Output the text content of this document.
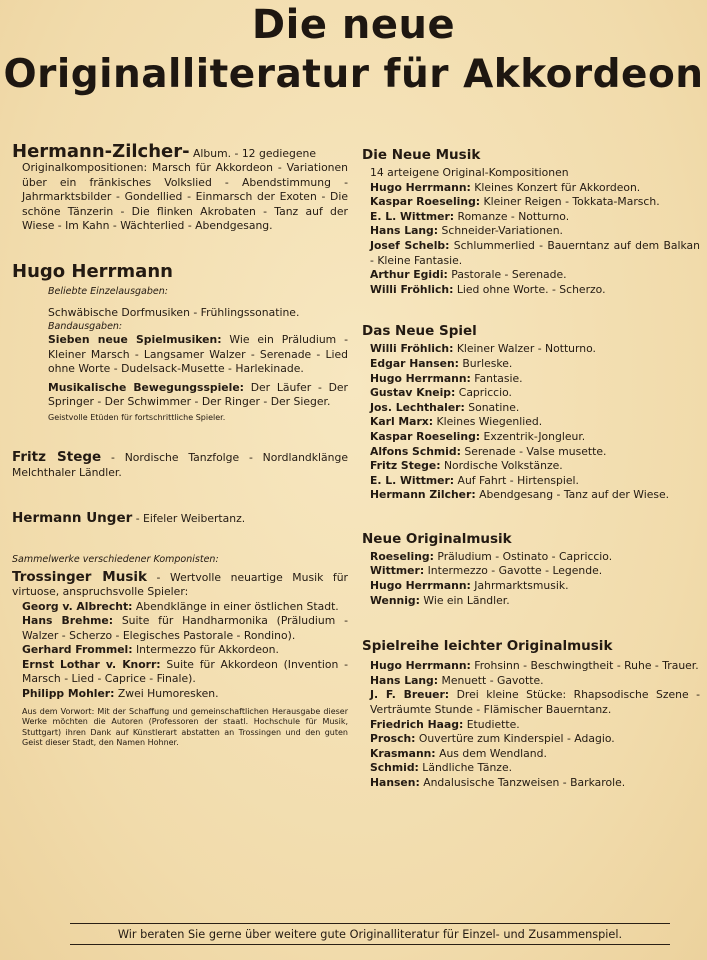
Die neue
Originalliteratur für Akkordeon
Hermann-Zilcher- Album. - 12 gediegene
Originalkompositionen: Marsch für Akkordeon - Variationen über ein fränkisches Volkslied - Abendstimmung - Jahrmarktsbilder - Gondellied - Einmarsch der Exoten - Die schöne Tänzerin - Die flinken Akrobaten - Tanz auf der Wiese - Im Kahn - Wächterlied - Abendgesang.
Hugo Herrmann
Beliebte Einzelausgaben:
Schwäbische Dorfmusiken - Frühlingssonatine.
Bandausgaben:
Sieben neue Spielmusiken: Wie ein Präludium - Kleiner Marsch - Langsamer Walzer - Serenade - Lied ohne Worte - Dudelsack-Musette - Harlekinade.
Musikalische Bewegungsspiele: Der Läufer - Der Springer - Der Schwimmer - Der Ringer - Der Sieger.
Geistvolle Etüden für fortschrittliche Spieler.
Fritz Stege - Nordische Tanzfolge - Nordlandklänge Melchthaler Ländler.
Hermann Unger - Eifeler Weibertanz.
Sammelwerke verschiedener Komponisten:
Trossinger Musik - Wertvolle neuartige Musik für virtuose, anspruchsvolle Spieler:
Georg v. Albrecht: Abendklänge in einer östlichen Stadt.
Hans Brehme: Suite für Handharmonika (Präludium - Walzer - Scherzo - Elegisches Pastorale - Rondino).
Gerhard Frommel: Intermezzo für Akkordeon.
Ernst Lothar v. Knorr: Suite für Akkordeon (Invention - Marsch - Lied - Caprice - Finale).
Philipp Mohler: Zwei Humoresken.
Aus dem Vorwort: Mit der Schaffung und gemeinschaftlichen Herausgabe dieser Werke möchten die Autoren (Professoren der staatl. Hochschule für Musik, Stuttgart) ihren Dank auf Künstlerart abstatten an Trossingen und den guten Geist dieser Stadt, den Namen Hohner.
Die Neue Musik
14 arteigene Original-Kompositionen
Hugo Herrmann: Kleines Konzert für Akkordeon.
Kaspar Roeseling: Kleiner Reigen - Tokkata-Marsch.
E. L. Wittmer: Romanze - Notturno.
Hans Lang: Schneider-Variationen.
Josef Schelb: Schlummerlied - Bauerntanz auf dem Balkan - Kleine Fantasie.
Arthur Egidi: Pastorale - Serenade.
Willi Fröhlich: Lied ohne Worte. - Scherzo.
Das Neue Spiel
Willi Fröhlich: Kleiner Walzer - Notturno.
Edgar Hansen: Burleske.
Hugo Herrmann: Fantasie.
Gustav Kneip: Capriccio.
Jos. Lechthaler: Sonatine.
Karl Marx: Kleines Wiegenlied.
Kaspar Roeseling: Exzentrik-Jongleur.
Alfons Schmid: Serenade - Valse musette.
Fritz Stege: Nordische Volkstänze.
E. L. Wittmer: Auf Fahrt - Hirtenspiel.
Hermann Zilcher: Abendgesang - Tanz auf der Wiese.
Neue Originalmusik
Roeseling: Präludium - Ostinato - Capriccio.
Wittmer: Intermezzo - Gavotte - Legende.
Hugo Herrmann: Jahrmarktsmusik.
Wennig: Wie ein Ländler.
Spielreihe leichter Originalmusik
Hugo Herrmann: Frohsinn - Beschwingtheit - Ruhe - Trauer.
Hans Lang: Menuett - Gavotte.
J. F. Breuer: Drei kleine Stücke: Rhapsodische Szene - Verträumte Stunde - Flämischer Bauerntanz.
Friedrich Haag: Etudiette.
Prosch: Ouvertüre zum Kinderspiel - Adagio.
Krasmann: Aus dem Wendland.
Schmid: Ländliche Tänze.
Hansen: Andalusische Tanzweisen - Barkarole.
Wir beraten Sie gerne über weitere gute Originalliteratur für Einzel- und Zusammenspiel.
